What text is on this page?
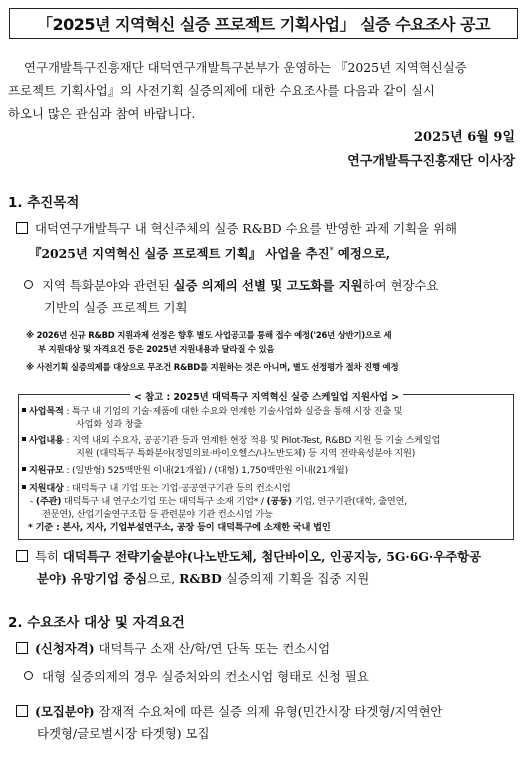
「2025년 지역혁신 실증 프로젝트 기획사업」 실증 수요조사 공고

연구개발특구진흥재단 대덕연구개발특구본부가 운영하는 『2025년 지역혁신실증

프로젝트 기획사업』의 사전기획 실증의제에 대한 수요조사를 다음과 같이 실시
하오니 많은 관심과 참여 바랍니다.
2025년 6월 9일
연구개발특구진흥재단 이사장
1. 추진목적
대덕연구개발특구 내 혁신주체의 실증 R&BD 수요를 반영한 과제 기획을 위해
『2025년 지역혁신 실증 프로젝트 기획』 사업을 추진* 예정으로,
지역 특화분야와 관련된 실증 의제의 선별 및 고도화를 지원하여 현장수요
기반의 실증 프로젝트 기획
※ 2026년 신규 R&BD 지원과제 선정은 향후 별도 사업공고를 통해 접수 예정('26년 상반기)으로 세
부 지원대상 및 자격요건 등은 2025년 지원내용과 달라질 수 있음
※ 사전기획 실증의제를 대상으로 무조건 R&BD를 지원하는 것은 아니며, 별도 선정평가 절차 진행 예정
< 참고 : 2025년 대덕특구 지역혁신 실증 스케일업 지원사업 >
사업목적 : 특구 내 기업의 기술·제품에 대한 수요와 연계한 기술사업화 실증을 통해 시장 진출 및
사업화 성과 창출
사업내용 : 지역 내외 수요자, 공공기관 등과 연계한 현장 적용 및 Pilot-Test, R&BD 지원 등 기술 스케일업
지원 (대덕특구 특화분야(정밀의료·바이오헬스/나노반도체) 등 지역 전략육성분야 지원)
지원규모 : (일반형) 525백만원 이내(21개월) / (대형) 1,750백만원 이내(21개월)
지원대상 : 대덕특구 내 기업 또는 기업·공공연구기관 등의 컨소시엄
- (주관) 대덕특구 내 연구소기업 또는 대덕특구 소재 기업* / (공동) 기업, 연구기관(대학, 출연연,
전문연), 산업기술연구조합 등 관련분야 기관 컨소시엄 가능
* 기준 : 본사, 지사, 기업부설연구소, 공장 등이 대덕특구에 소재한 국내 법인
특히 대덕특구 전략기술분야(나노반도체, 첨단바이오, 인공지능, 5G·6G·우주항공
분야) 유망기업 중심으로, R&BD 실증의제 기획을 집중 지원
2. 수요조사 대상 및 자격요건
(신청자격) 대덕특구 소재 산/학/연 단독 또는 컨소시엄
대형 실증의제의 경우 실증처와의 컨소시엄 형태로 신청 필요
(모집분야) 잠재적 수요처에 따른 실증 의제 유형(민간시장 타겟형/지역현안
타겟형/글로벌시장 타겟형) 모집
